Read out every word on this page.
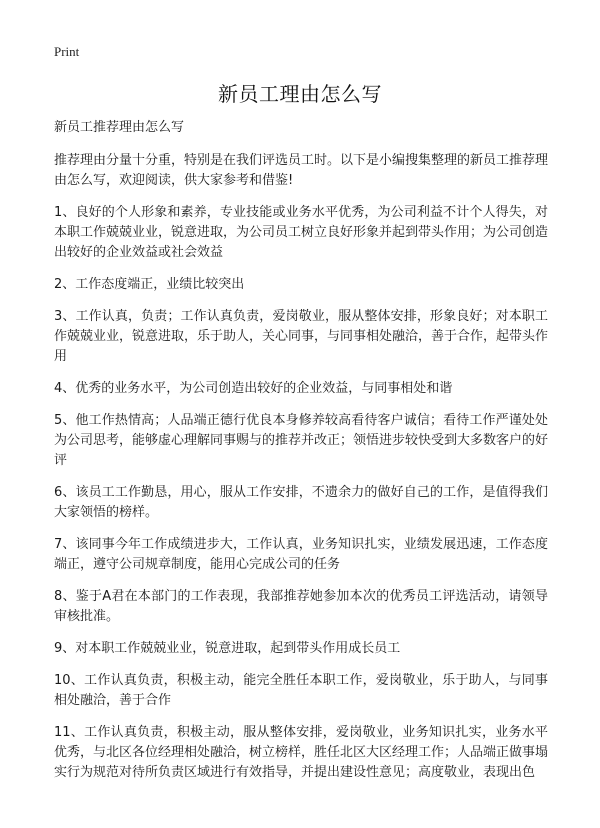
Print
新员工理由怎么写

新员工推荐理由怎么写

推荐理由分量十分重，特别是在我们评选员工时。以下是小编搜集整理的新员工推荐理由怎么写，欢迎阅读，供大家参考和借鉴!

1、良好的个人形象和素养，专业技能或业务水平优秀，为公司利益不计个人得失，对本职工作兢兢业业，锐意进取，为公司员工树立良好形象并起到带头作用；为公司创造出较好的企业效益或社会效益

2、工作态度端正，业绩比较突出

3、工作认真，负责；工作认真负责，爱岗敬业，服从整体安排，形象良好；对本职工作兢兢业业，锐意进取，乐于助人，关心同事，与同事相处融洽，善于合作，起带头作用

4、优秀的业务水平，为公司创造出较好的企业效益，与同事相处和谐

5、他工作热情高；人品端正德行优良本身修养较高看待客户诚信；看待工作严谨处处为公司思考，能够虚心理解同事赐与的推荐并改正；领悟进步较快受到大多数客户的好评

6、该员工工作勤恳，用心，服从工作安排，不遗余力的做好自己的工作，是值得我们大家领悟的榜样。

7、该同事今年工作成绩进步大，工作认真，业务知识扎实，业绩发展迅速，工作态度端正，遵守公司规章制度，能用心完成公司的任务

8、鉴于A君在本部门的工作表现，我部推荐她参加本次的优秀员工评选活动，请领导审核批准。

9、对本职工作兢兢业业，锐意进取，起到带头作用成长员工

10、工作认真负责，积极主动，能完全胜任本职工作，爱岗敬业，乐于助人，与同事相处融洽，善于合作

11、工作认真负责，积极主动，服从整体安排，爱岗敬业，业务知识扎实，业务水平优秀，与北区各位经理相处融洽，树立榜样，胜任北区大区经理工作；人品端正做事塌实行为规范对待所负责区域进行有效指导，并提出建设性意见；高度敬业，表现出色
